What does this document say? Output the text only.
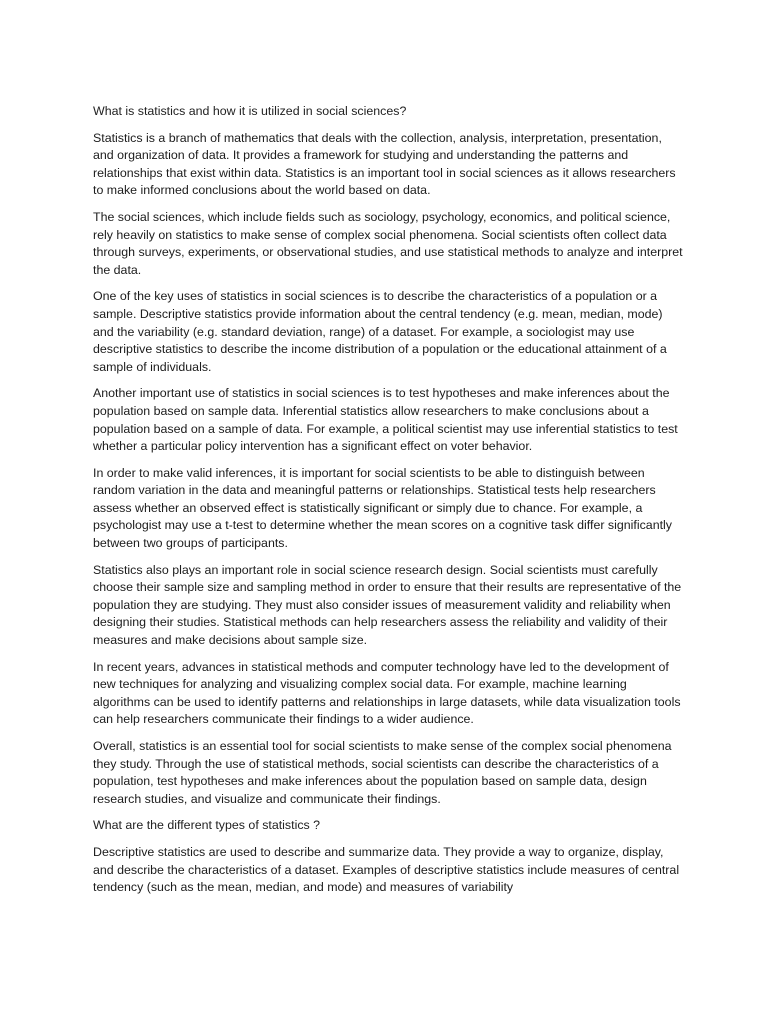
What is statistics and how it is utilized in social sciences?

Statistics is a branch of mathematics that deals with the collection, analysis, interpretation, presentation, and organization of data. It provides a framework for studying and understanding the patterns and relationships that exist within data. Statistics is an important tool in social sciences as it allows researchers to make informed conclusions about the world based on data.

The social sciences, which include fields such as sociology, psychology, economics, and political science, rely heavily on statistics to make sense of complex social phenomena. Social scientists often collect data through surveys, experiments, or observational studies, and use statistical methods to analyze and interpret the data.

One of the key uses of statistics in social sciences is to describe the characteristics of a population or a sample. Descriptive statistics provide information about the central tendency (e.g. mean, median, mode) and the variability (e.g. standard deviation, range) of a dataset. For example, a sociologist may use descriptive statistics to describe the income distribution of a population or the educational attainment of a sample of individuals.

Another important use of statistics in social sciences is to test hypotheses and make inferences about the population based on sample data. Inferential statistics allow researchers to make conclusions about a population based on a sample of data. For example, a political scientist may use inferential statistics to test whether a particular policy intervention has a significant effect on voter behavior.

In order to make valid inferences, it is important for social scientists to be able to distinguish between random variation in the data and meaningful patterns or relationships. Statistical tests help researchers assess whether an observed effect is statistically significant or simply due to chance. For example, a psychologist may use a t-test to determine whether the mean scores on a cognitive task differ significantly between two groups of participants.

Statistics also plays an important role in social science research design. Social scientists must carefully choose their sample size and sampling method in order to ensure that their results are representative of the population they are studying. They must also consider issues of measurement validity and reliability when designing their studies. Statistical methods can help researchers assess the reliability and validity of their measures and make decisions about sample size.

In recent years, advances in statistical methods and computer technology have led to the development of new techniques for analyzing and visualizing complex social data. For example, machine learning algorithms can be used to identify patterns and relationships in large datasets, while data visualization tools can help researchers communicate their findings to a wider audience.

Overall, statistics is an essential tool for social scientists to make sense of the complex social phenomena they study. Through the use of statistical methods, social scientists can describe the characteristics of a population, test hypotheses and make inferences about the population based on sample data, design research studies, and visualize and communicate their findings.

What are the different types of statistics ?

Descriptive statistics are used to describe and summarize data. They provide a way to organize, display, and describe the characteristics of a dataset. Examples of descriptive statistics include measures of central tendency (such as the mean, median, and mode) and measures of variability
